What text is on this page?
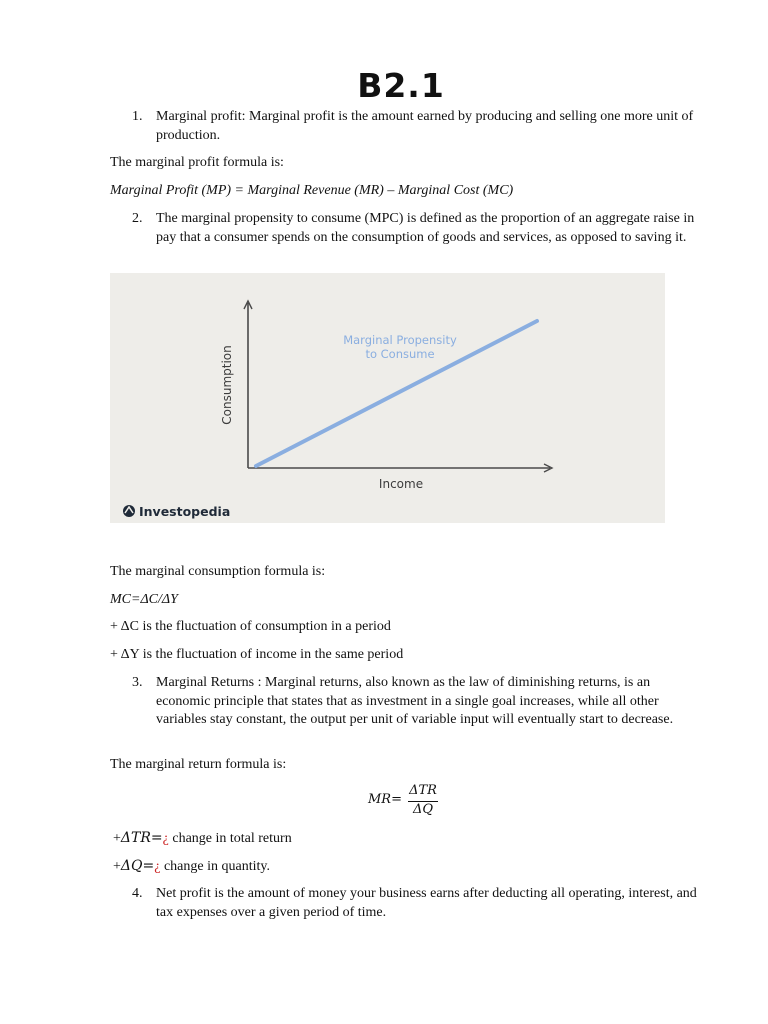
B2.1
1. Marginal profit: Marginal profit is the amount earned by producing and selling one more unit of production.
The marginal profit formula is:
Marginal Profit (MP) = Marginal Revenue (MR) – Marginal Cost (MC)
2. The marginal propensity to consume (MPC) is defined as the proportion of an aggregate raise in pay that a consumer spends on the consumption of goods and services, as opposed to saving it.
Marginal Propensity
to Consume
Consumption
Income
Investopedia
The marginal consumption formula is:
MC=ΔC/ΔY
+ ΔC is the fluctuation of consumption in a period
+ ΔY is the fluctuation of income in the same period
3. Marginal Returns : Marginal returns, also known as the law of diminishing returns, is an economic principle that states that as investment in a single goal increases, while all other variables stay constant, the output per unit of variable input will eventually start to decrease.
The marginal return formula is:
MR=
ΔTR
ΔQ
+ΔTR=¿ change in total return
+ΔQ=¿ change in quantity.
4. Net profit is the amount of money your business earns after deducting all operating, interest, and tax expenses over a given period of time.
